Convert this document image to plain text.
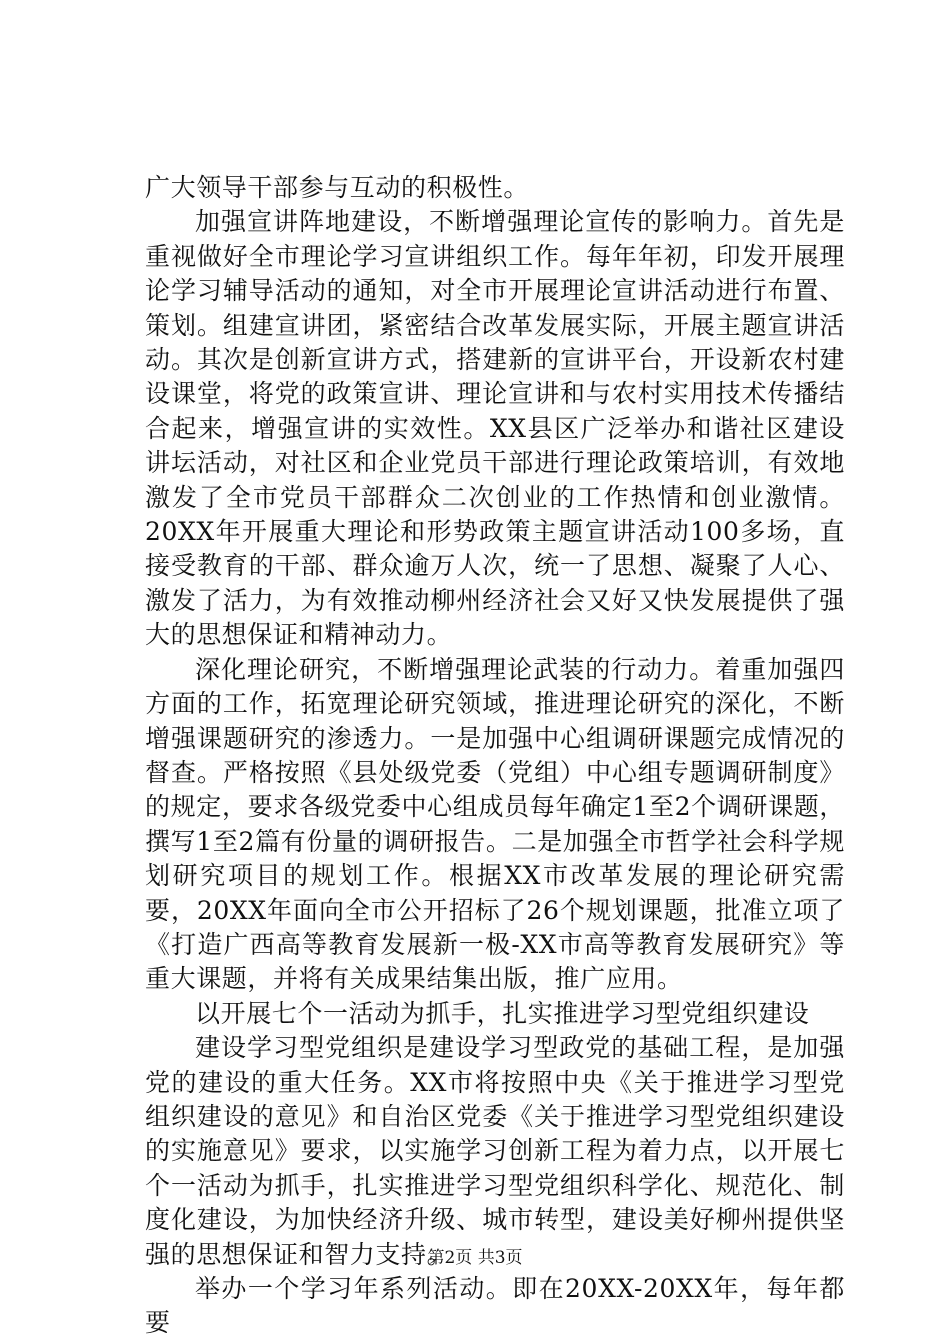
广大领导干部参与互动的积极性。

加强宣讲阵地建设，不断增强理论宣传的影响力。首先是重视做好全市理论学习宣讲组织工作。每年年初，印发开展理论学习辅导活动的通知，对全市开展理论宣讲活动进行布置、策划。组建宣讲团，紧密结合改革发展实际，开展主题宣讲活动。其次是创新宣讲方式，搭建新的宣讲平台，开设新农村建设课堂，将党的政策宣讲、理论宣讲和与农村实用技术传播结合起来，增强宣讲的实效性。XX县区广泛举办和谐社区建设讲坛活动，对社区和企业党员干部进行理论政策培训，有效地激发了全市党员干部群众二次创业的工作热情和创业激情。20XX年开展重大理论和形势政策主题宣讲活动100多场，直接受教育的干部、群众逾万人次，统一了思想、凝聚了人心、激发了活力，为有效推动柳州经济社会又好又快发展提供了强大的思想保证和精神动力。

深化理论研究，不断增强理论武装的行动力。着重加强四方面的工作，拓宽理论研究领域，推进理论研究的深化，不断增强课题研究的渗透力。一是加强中心组调研课题完成情况的督查。严格按照《县处级党委（党组）中心组专题调研制度》的规定，要求各级党委中心组成员每年确定1至2个调研课题，撰写1至2篇有份量的调研报告。二是加强全市哲学社会科学规划研究项目的规划工作。根据XX市改革发展的理论研究需要，20XX年面向全市公开招标了26个规划课题，批准立项了《打造广西高等教育发展新一极-XX市高等教育发展研究》等重大课题，并将有关成果结集出版，推广应用。

以开展七个一活动为抓手，扎实推进学习型党组织建设

建设学习型党组织是建设学习型政党的基础工程，是加强党的建设的重大任务。XX市将按照中央《关于推进学习型党组织建设的意见》和自治区党委《关于推进学习型党组织建设的实施意见》要求，以实施学习创新工程为着力点，以开展七个一活动为抓手，扎实推进学习型党组织科学化、规范化、制度化建设，为加快经济升级、城市转型，建设美好柳州提供坚强的思想保证和智力支持。

举办一个学习年系列活动。即在20XX-20XX年，每年都要

第2页 共3页
